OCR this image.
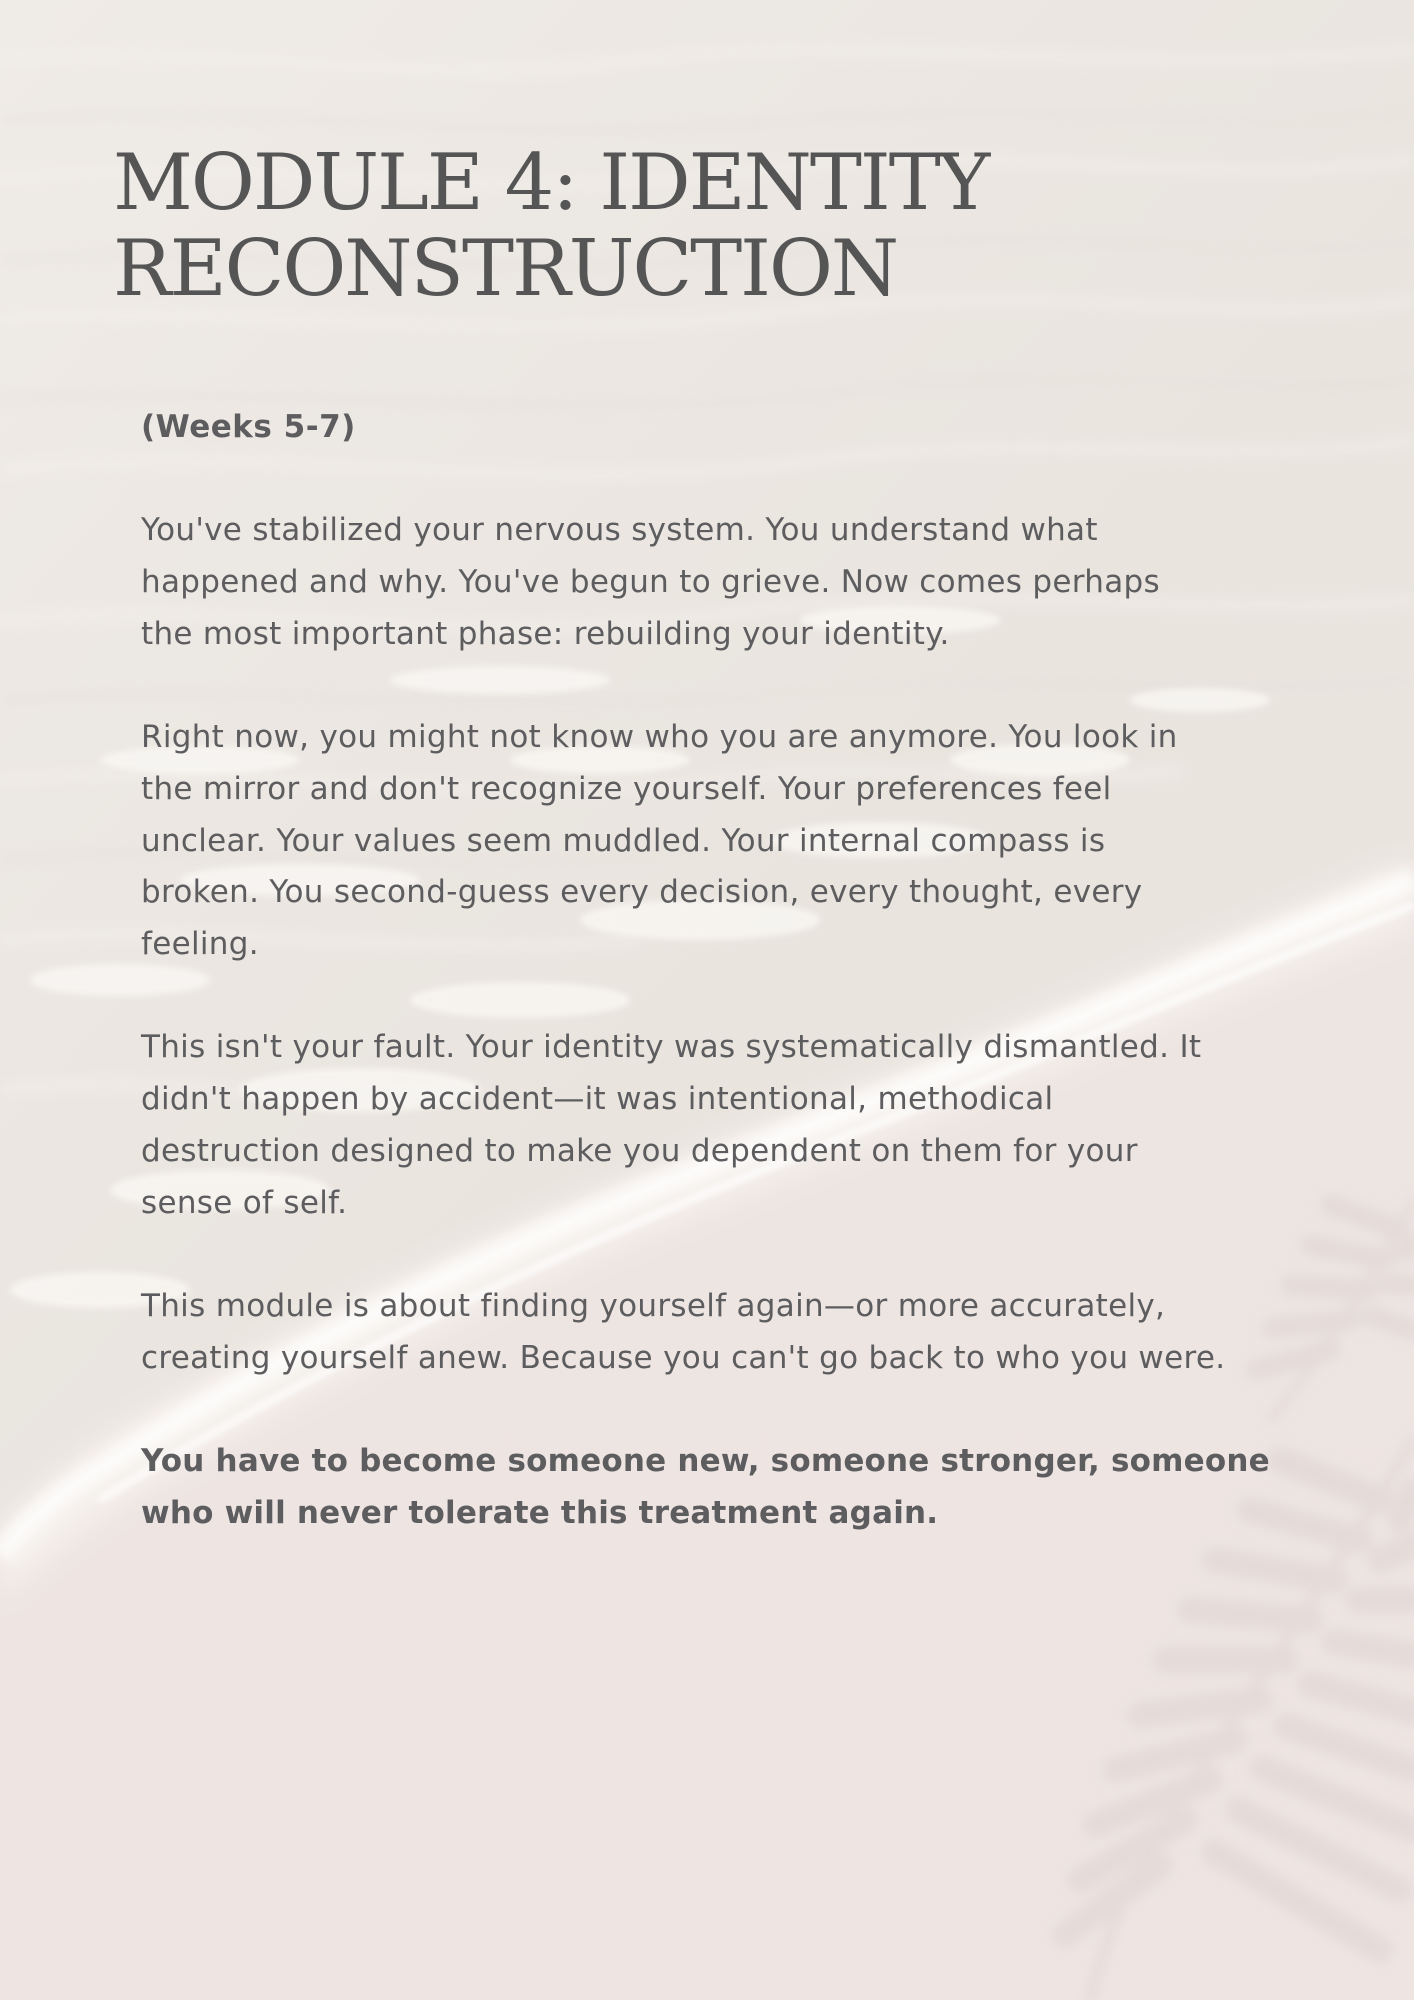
MODULE 4: IDENTITY
RECONSTRUCTION

(Weeks 5-7)

You've stabilized your nervous system. You understand what
happened and why. You've begun to grieve. Now comes perhaps
the most important phase: rebuilding your identity.

Right now, you might not know who you are anymore. You look in
the mirror and don't recognize yourself. Your preferences feel
unclear. Your values seem muddled. Your internal compass is
broken. You second-guess every decision, every thought, every
feeling.

This isn't your fault. Your identity was systematically dismantled. It
didn't happen by accident—it was intentional, methodical
destruction designed to make you dependent on them for your
sense of self.

This module is about finding yourself again—or more accurately,
creating yourself anew. Because you can't go back to who you were.

You have to become someone new, someone stronger, someone
who will never tolerate this treatment again.
